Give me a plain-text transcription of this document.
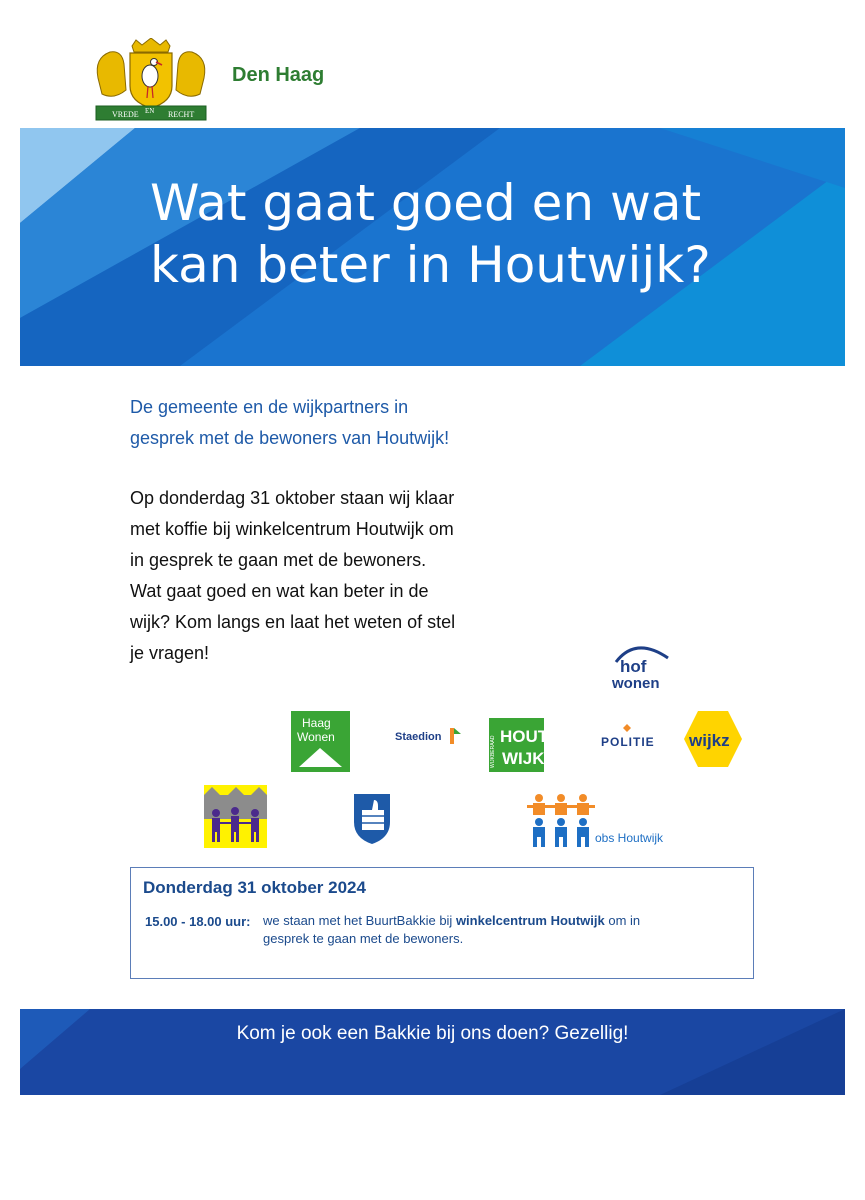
VREDE EN RECHT
Den Haag
Wat gaat goed en wat
kan beter in Houtwijk?
De gemeente en de wijkpartners in gesprek met de bewoners van Houtwijk!
Op donderdag 31 oktober staan wij klaar met koffie bij winkelcentrum Houtwijk om in gesprek te gaan met de bewoners. Wat gaat goed en wat kan beter in de wijk? Kom langs en laat het weten of stel je vragen!
hof
wonen
Haag
Wonen	Staedion	WIJKBERAAD HOUT
WIJK
POLITIE wijkz
obs Houtwijk
Donderdag 31 oktober 2024
15.00 - 18.00 uur: we staan met het BuurtBakkie bij winkelcentrum Houtwijk om in gesprek te gaan met de bewoners.
Kom je ook een Bakkie bij ons doen? Gezellig!
